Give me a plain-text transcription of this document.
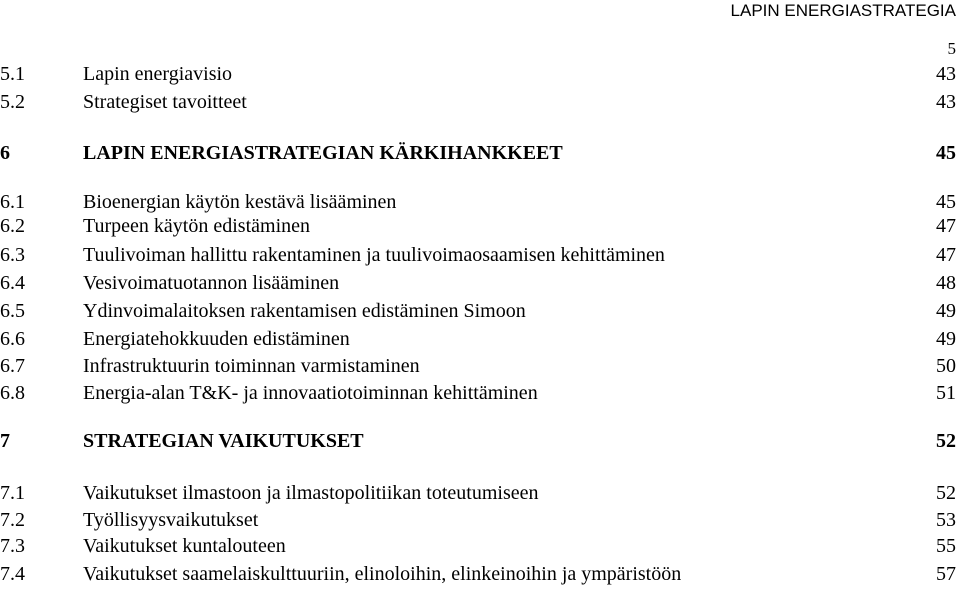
LAPIN ENERGIASTRATEGIA
5
5.1	Lapin energiavisio	43
5.2	Strategiset tavoitteet	43
6	LAPIN ENERGIASTRATEGIAN KÄRKIHANKKEET	45
6.1	Bioenergian käytön kestävä lisääminen	45
6.2	Turpeen käytön edistäminen	47
6.3	Tuulivoiman hallittu rakentaminen ja tuulivoimaosaamisen kehittäminen	47
6.4	Vesivoimatuotannon lisääminen	48
6.5	Ydinvoimalaitoksen rakentamisen edistäminen Simoon	49
6.6	Energiatehokkuuden edistäminen	49
6.7	Infrastruktuurin toiminnan varmistaminen	50
6.8	Energia-alan T&K- ja innovaatiotoiminnan kehittäminen	51
7	STRATEGIAN VAIKUTUKSET	52
7.1	Vaikutukset ilmastoon ja ilmastopolitiikan toteutumiseen	52
7.2	Työllisyysvaikutukset	53
7.3	Vaikutukset kuntalouteen	55
7.4	Vaikutukset saamelaiskulttuuriin, elinoloihin, elinkeinoihin ja ympäristöön	57
